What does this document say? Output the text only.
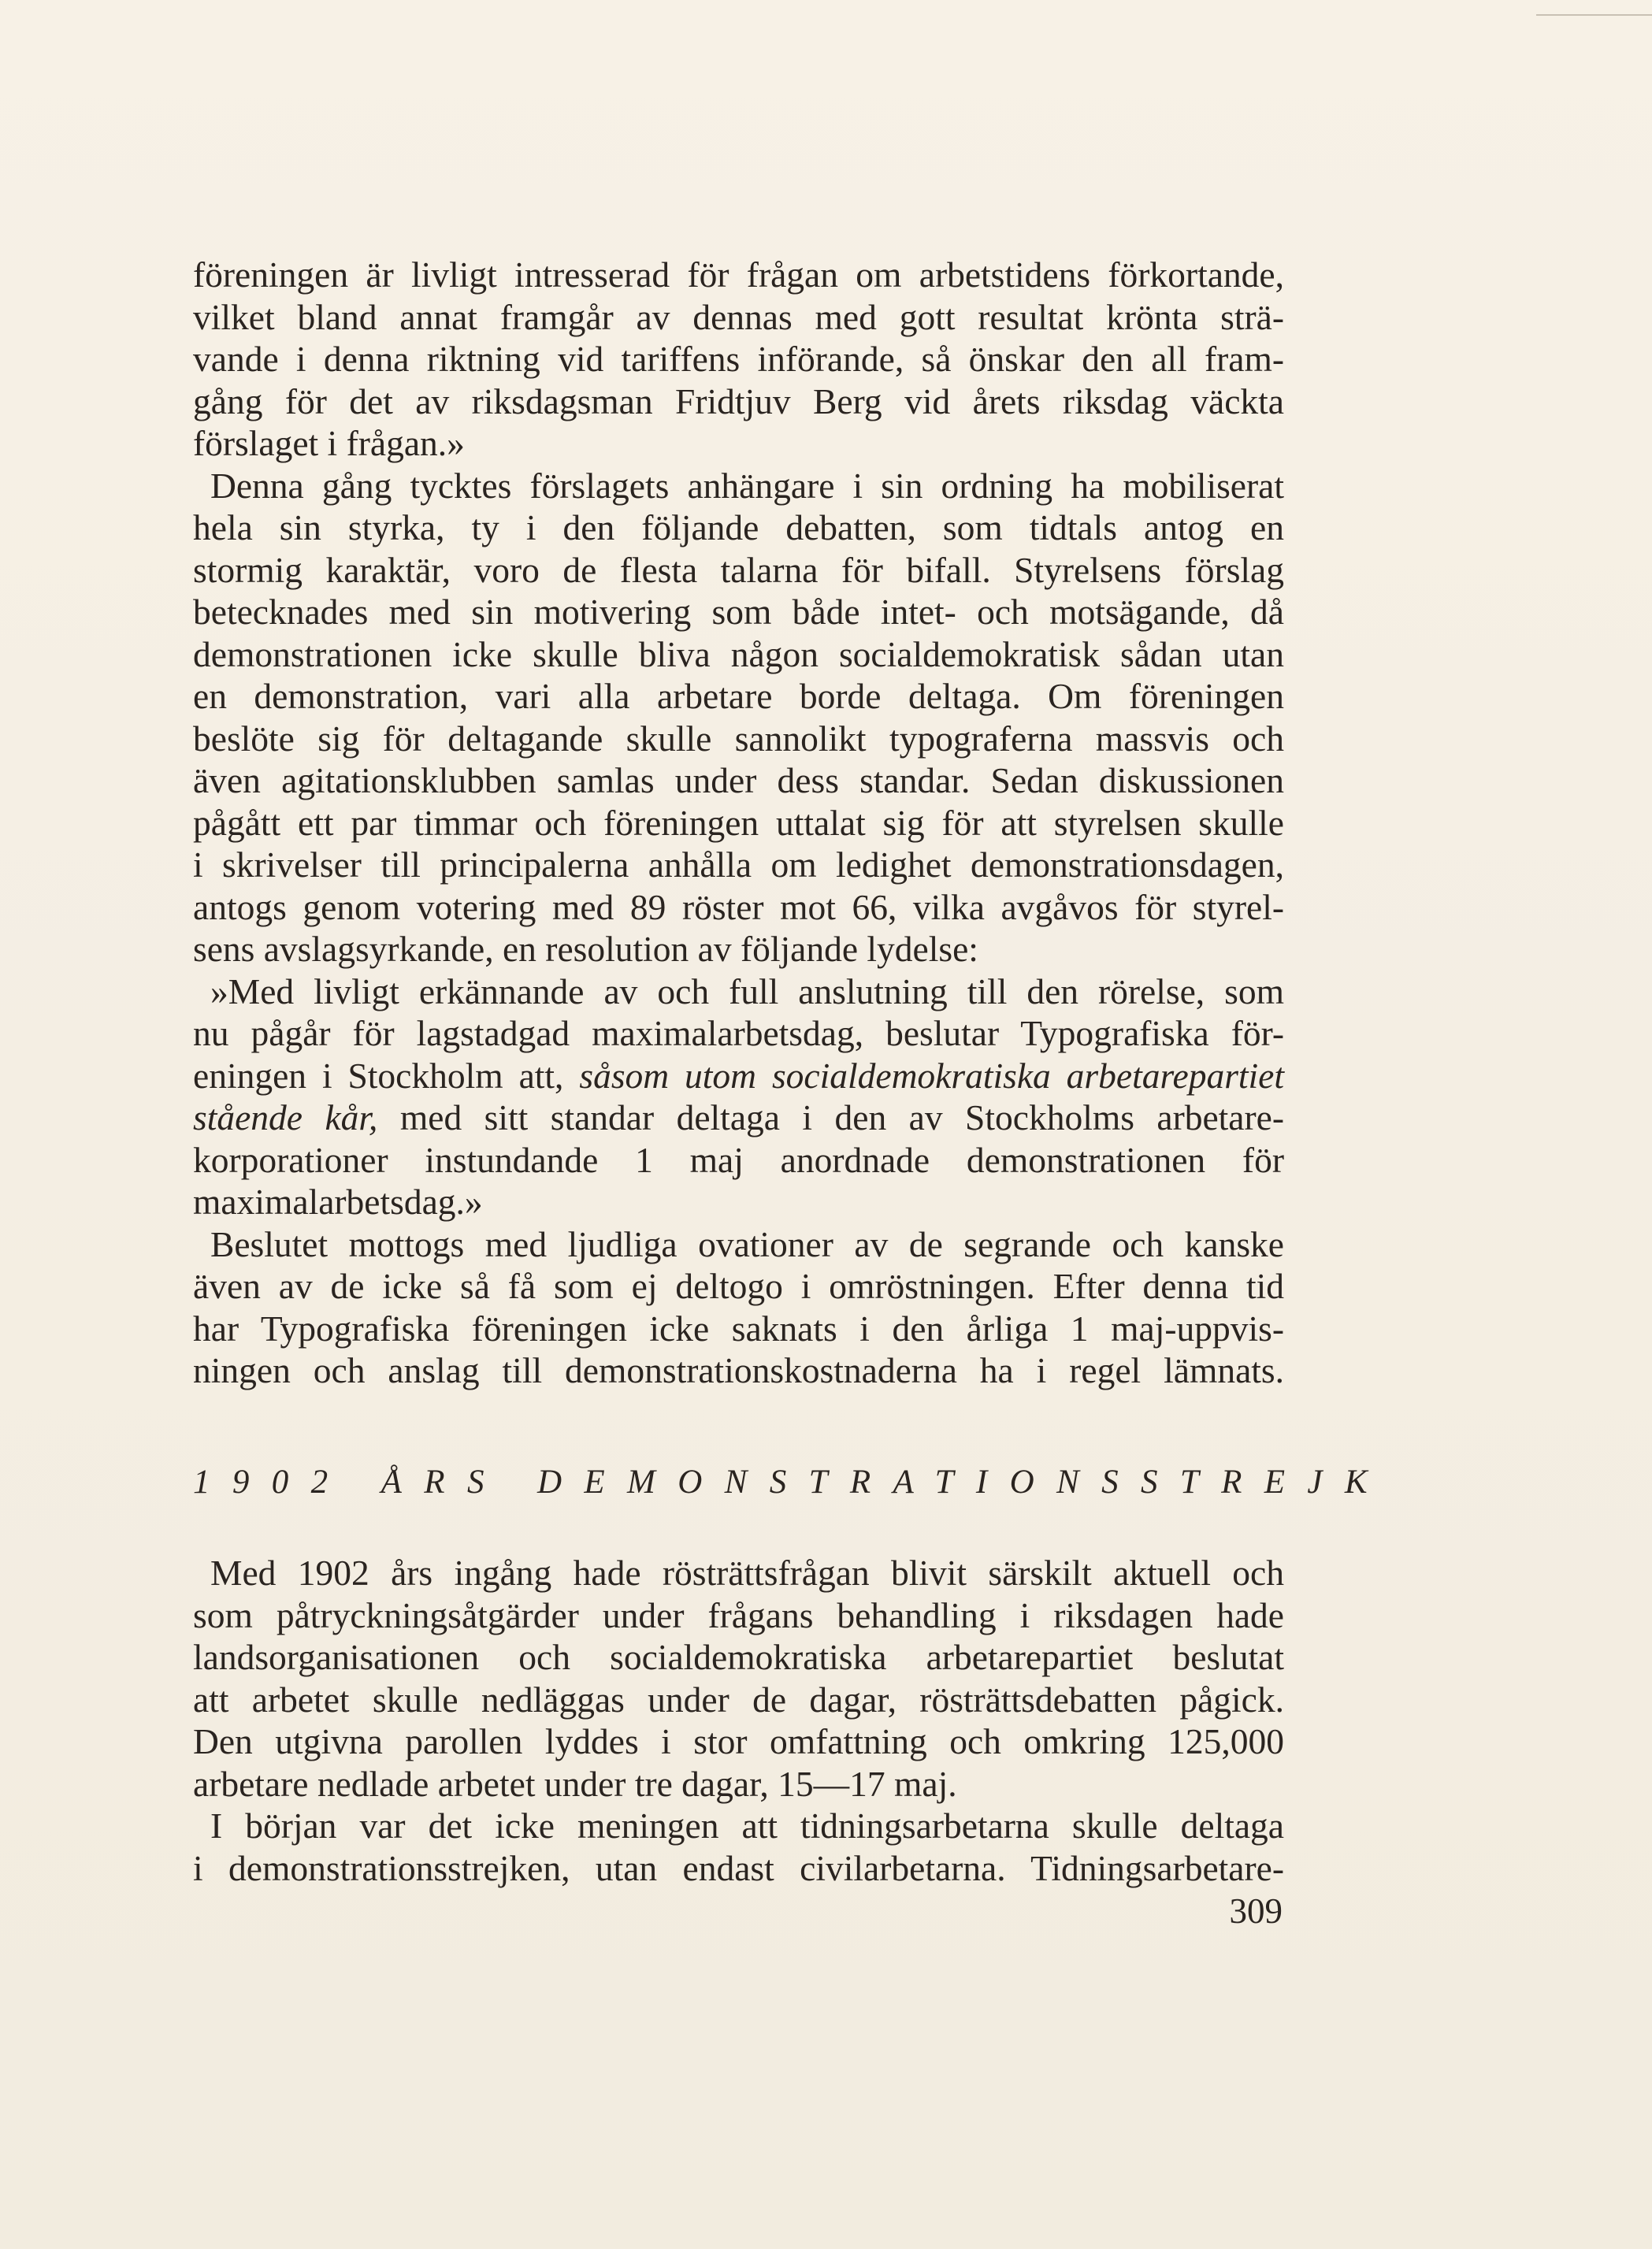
föreningen är livligt intresserad för frågan om arbetstidens förkortande,
vilket bland annat framgår av dennas med gott resultat krönta strä-
vande i denna riktning vid tariffens införande, så önskar den all fram-
gång för det av riksdagsman Fridtjuv Berg vid årets riksdag väckta
förslaget i frågan.»
Denna gång tycktes förslagets anhängare i sin ordning ha mobiliserat
hela sin styrka, ty i den följande debatten, som tidtals antog en
stormig karaktär, voro de flesta talarna för bifall. Styrelsens förslag
betecknades med sin motivering som både intet- och motsägande, då
demonstrationen icke skulle bliva någon socialdemokratisk sådan utan
en demonstration, vari alla arbetare borde deltaga. Om föreningen
beslöte sig för deltagande skulle sannolikt typograferna massvis och
även agitationsklubben samlas under dess standar. Sedan diskussionen
pågått ett par timmar och föreningen uttalat sig för att styrelsen skulle
i skrivelser till principalerna anhålla om ledighet demonstrationsdagen,
antogs genom votering med 89 röster mot 66, vilka avgåvos för styrel-
sens avslagsyrkande, en resolution av följande lydelse:
»Med livligt erkännande av och full anslutning till den rörelse, som
nu pågår för lagstadgad maximalarbetsdag, beslutar Typografiska för-
eningen i Stockholm att, såsom utom socialdemokratiska arbetarepartiet
stående kår, med sitt standar deltaga i den av Stockholms arbetare-
korporationer instundande 1 maj anordnade demonstrationen för
maximalarbetsdag.»
Beslutet mottogs med ljudliga ovationer av de segrande och kanske
även av de icke så få som ej deltogo i omröstningen. Efter denna tid
har Typografiska föreningen icke saknats i den årliga 1 maj-uppvis-
ningen och anslag till demonstrationskostnaderna ha i regel lämnats.
1902 ÅRS DEMONSTRATIONSSTREJK
Med 1902 års ingång hade rösträttsfrågan blivit särskilt aktuell och
som påtryckningsåtgärder under frågans behandling i riksdagen hade
landsorganisationen och socialdemokratiska arbetarepartiet beslutat
att arbetet skulle nedläggas under de dagar, rösträttsdebatten pågick.
Den utgivna parollen lyddes i stor omfattning och omkring 125,000
arbetare nedlade arbetet under tre dagar, 15—17 maj.
I början var det icke meningen att tidningsarbetarna skulle deltaga
i demonstrationsstrejken, utan endast civilarbetarna. Tidningsarbetare-
309
